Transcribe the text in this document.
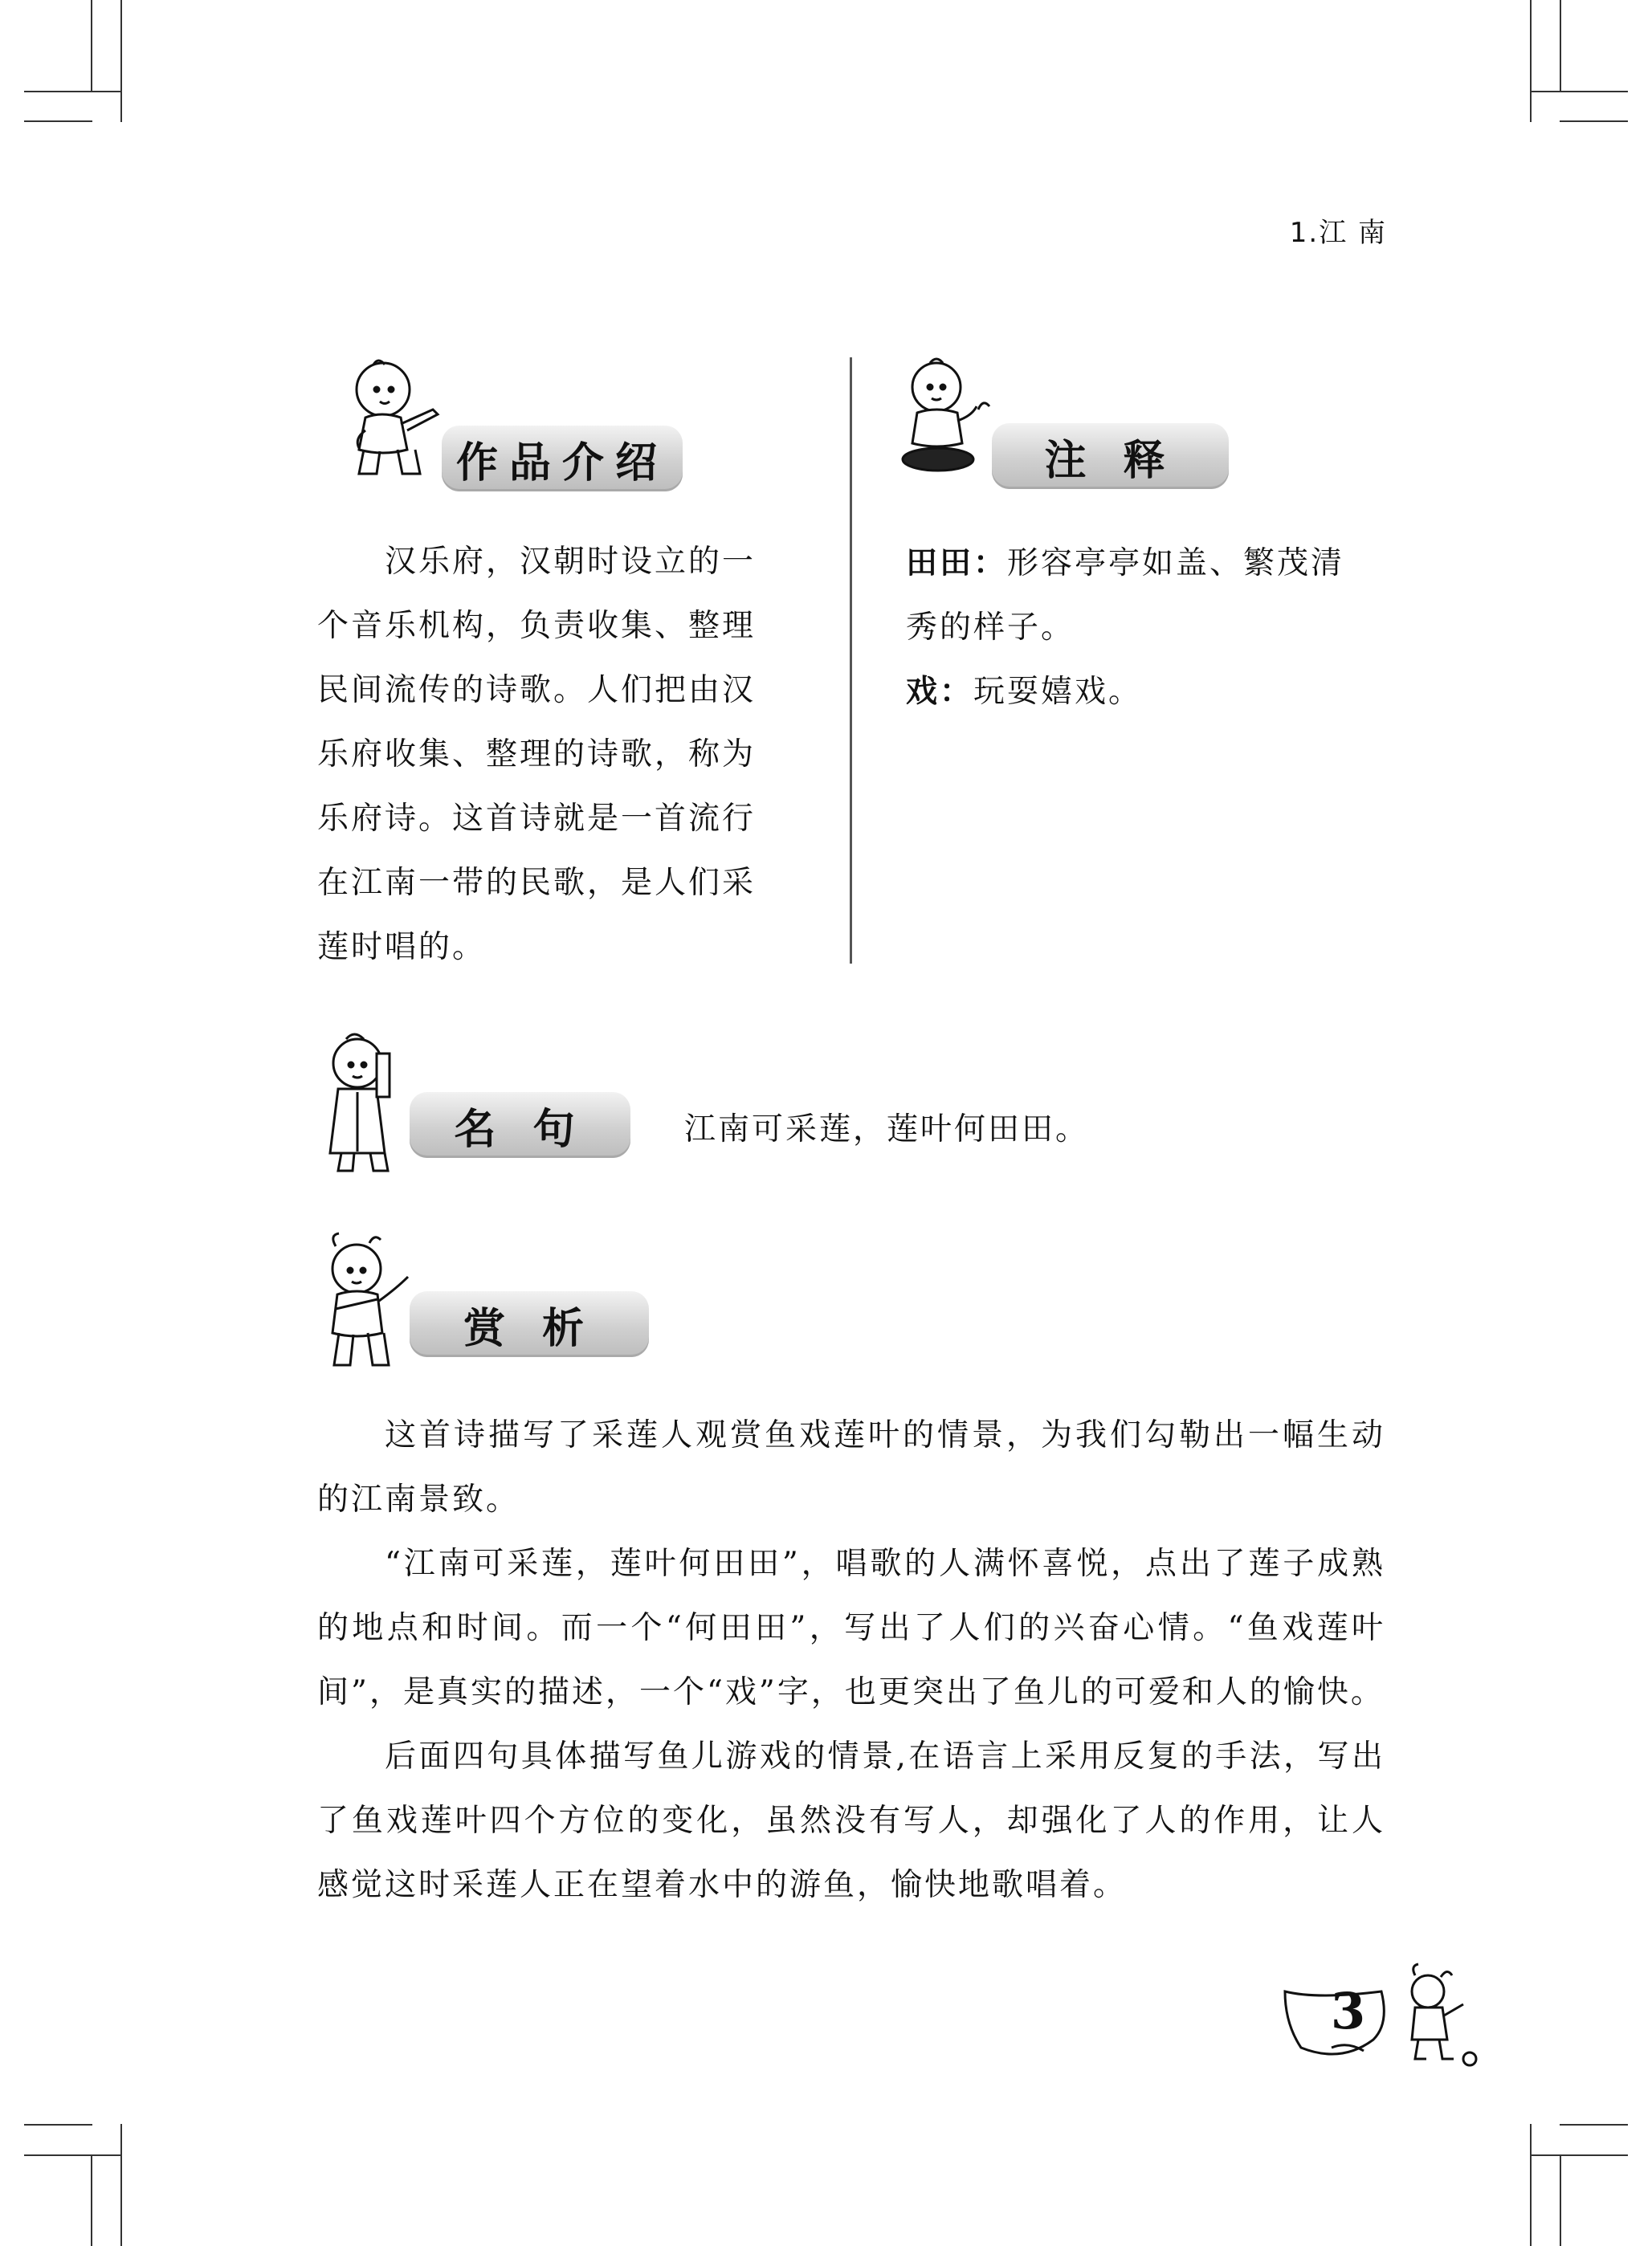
1.江 南
作品介绍

汉乐府，汉朝时设立的一

个音乐机构，负责收集、整理

民间流传的诗歌。人们把由汉

乐府收集、整理的诗歌，称为

乐府诗。这首诗就是一首流行

在江南一带的民歌，是人们采

莲时唱的。

注 释
田田：形容亭亭如盖、繁茂清
秀的样子。
戏：玩耍嬉戏。
名 句	江南可采莲，莲叶何田田。
赏 析

这首诗描写了采莲人观赏鱼戏莲叶的情景，为我们勾勒出一幅生动的江南景致。

“江南可采莲，莲叶何田田”，唱歌的人满怀喜悦，点出了莲子成熟的地点和时间。而一个“何田田”，写出了人们的兴奋心情。“鱼戏莲叶间”，是真实的描述，一个“戏”字，也更突出了鱼儿的可爱和人的愉快。

后面四句具体描写鱼儿游戏的情景,在语言上采用反复的手法，写出了鱼戏莲叶四个方位的变化，虽然没有写人，却强化了人的作用，让人感觉这时采莲人正在望着水中的游鱼，愉快地歌唱着。

3
